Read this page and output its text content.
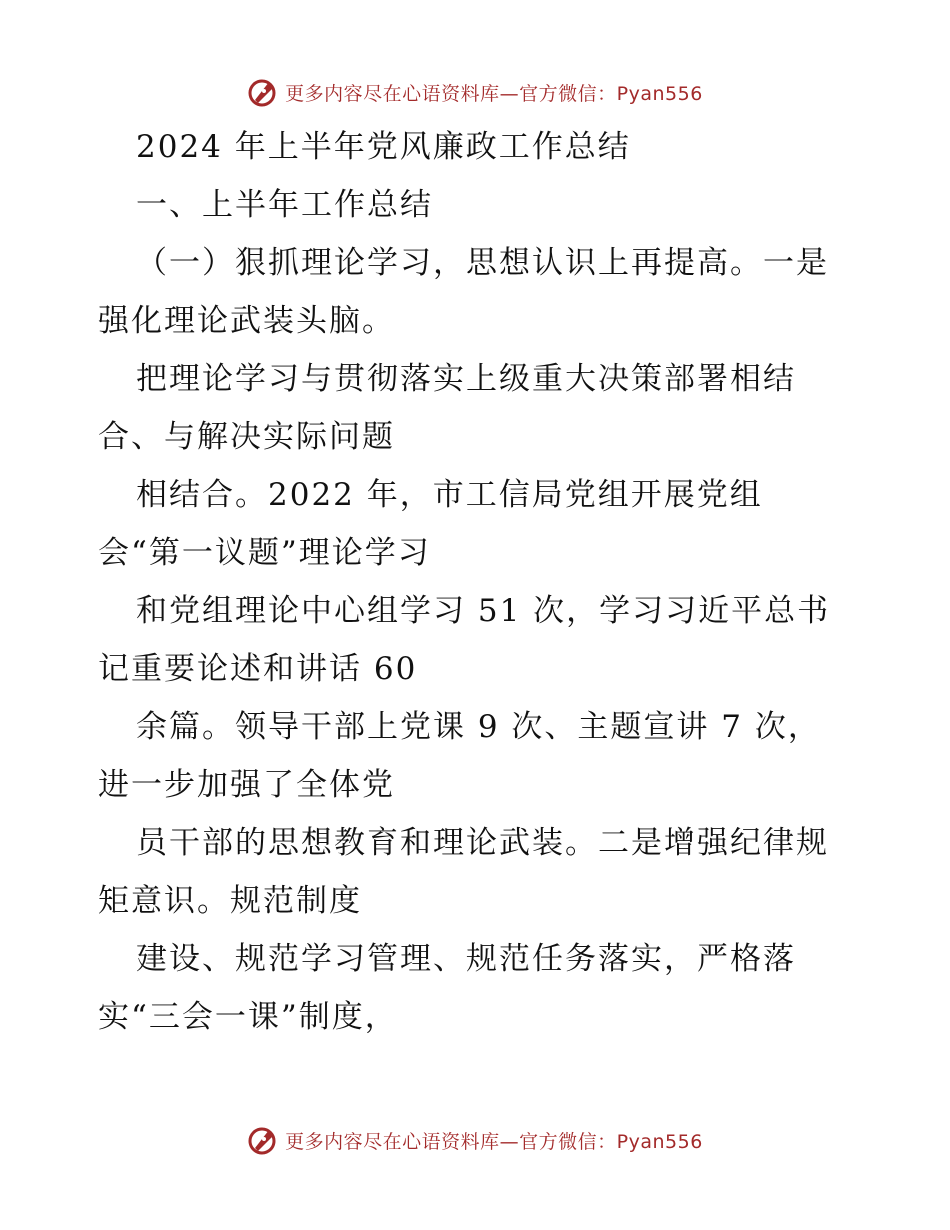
更多内容尽在心语资料库—官方微信：Pyan556
2024 年上半年党风廉政工作总结
一、上半年工作总结
（一）狠抓理论学习，思想认识上再提高。一是
强化理论武装头脑。
把理论学习与贯彻落实上级重大决策部署相结
合、与解决实际问题
相结合。2022 年，市工信局党组开展党组
会“第一议题”理论学习
和党组理论中心组学习 51 次，学习习近平总书
记重要论述和讲话 60
余篇。领导干部上党课 9 次、主题宣讲 7 次，
进一步加强了全体党
员干部的思想教育和理论武装。二是增强纪律规
矩意识。规范制度
建设、规范学习管理、规范任务落实，严格落
实“三会一课”制度，
更多内容尽在心语资料库—官方微信：Pyan556
